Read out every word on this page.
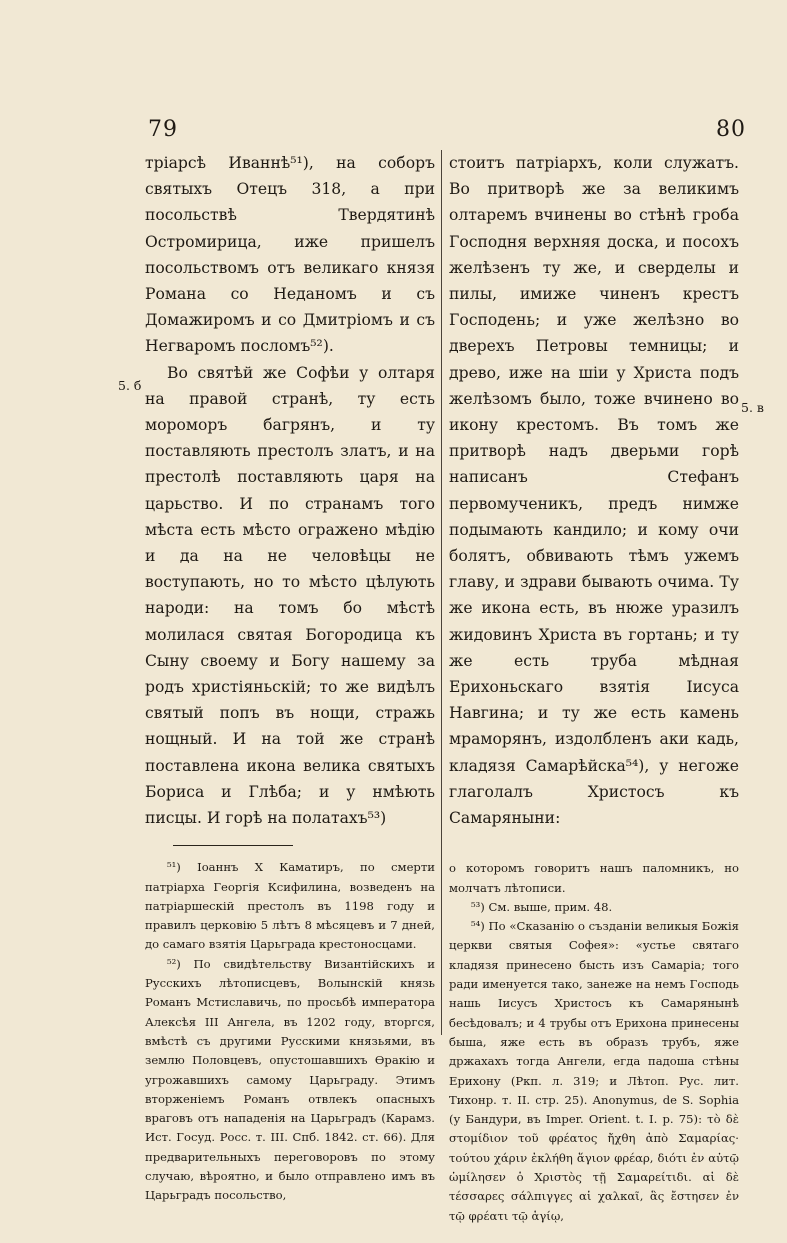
79	80
5. б
5. в

тріарсѣ Иваннѣ⁵¹), на соборъ святыхъ Отецъ 318, а при посольствѣ Твердятинѣ Остромирица, иже пришелъ посольствомъ отъ великаго князя Романа со Неданомъ и съ Домажиромъ и со Дмитріомъ и съ Негваромъ посломъ⁵²).

Во святѣй же Софѣи у олтаря на правой странѣ, ту есть мороморъ багрянъ, и ту поставляють престолъ златъ, и на престолѣ поставляють царя на царьство. И по странамъ того мѣста есть мѣсто ограженo мѣдію и да на не человѣцы не воступають, но то мѣсто цѣлують народи: на томъ бо мѣстѣ молилася святая Богородица къ Сыну своему и Богу нашему за родъ христіяньскій; то же видѣлъ святый попъ въ нощи, стражь нощный. И на той же странѣ поставлена икона велика святыхъ Бориса и Глѣба; и у нмѣють писцы. И горѣ на полатахъ⁵³)

⁵¹) Іоаннъ X Каматиръ, по смерти патріарха Георгія Ксифилина, возведенъ на патріаршескій престолъ въ 1198 году и правилъ церковію 5 лѣтъ 8 мѣсяцевъ и 7 дней, до самаго взятія Царьграда крестоносцами.

⁵²) По свидѣтельству Византійскихъ и Русскихъ лѣтописцевъ, Волынскій князь Романъ Мстиславичь, по просьбѣ императора Алексѣя III Ангела, въ 1202 году, вторгся, вмѣстѣ съ другими Русскими князьями, въ землю Половцевъ, опустошавшихъ Ѳракію и угрожавшихъ самому Царьграду. Этимъ вторженіемъ Романъ отвлекъ опасныхъ враговъ отъ нападенія на Царьградъ (Карамз. Ист. Госуд. Росс. т. III. Спб. 1842. ст. 66). Для предварительныхъ переговоровъ по этому случаю, вѣроятно, и было отправлено имъ въ Царьградъ посольство,

стоитъ патріархъ, коли служатъ. Во притворѣ же за великимъ олтаремъ вчинены во стѣнѣ гроба Господня верхняя доска, и посохъ желѣзенъ ту же, и сверделы и пилы, имиже чиненъ крестъ Господень; и уже желѣзно во дверехъ Петровы темницы; и древо, иже на шіи у Христа подъ желѣзомъ было, тоже вчинено во икону крестомъ. Въ томъ же притворѣ надъ дверьми горѣ написанъ Стефанъ первомученикъ, предъ нимже подымають кандило; и кому очи болятъ, обвивають тѣмъ ужемъ главу, и здрави бывають очима. Ту же икона есть, въ нюже уразилъ жидовинъ Христа въ гортань; и ту же есть труба мѣдная Ерихоньскаго взятія Іисуса Навгина; и ту же есть камень мраморянъ, издолбленъ аки кадь, кладязя Самарѣйска⁵⁴), у негоже глаголалъ Христосъ къ Самаряныни:

о которомъ говоритъ нашъ паломникъ, но молчатъ лѣтописи.

⁵³) См. выше, прим. 48.

⁵⁴) По «Сказанію о създаніи великыя Божія церкви святыя Софея»: «устье святаго кладязя принесено бысть изъ Самаріа; того ради именуется тако, занеже на немъ Господь нашь Іисусъ Христосъ къ Самарянынѣ бесѣдовалъ; и 4 трубы отъ Ерихона принесены быша, яже есть въ образъ трубъ, яже држахахъ тогда Ангели, егда падоша стѣны Ерихону (Ркп. л. 319; и Лѣтоп. Рус. лит. Тихонр. т. II. стр. 25). Anonymus, de S. Sophia (у Бандури, въ Imper. Orient. t. I. p. 75): τὸ δὲ στομίδιον τοῦ φρέατος ἤχθη ἀπὸ Σαμαρίας· τούτου χάριν ἐκλήθη ἅγιον φρέαρ, διότι ἐν αὐτῷ ὡμίλησεν ὁ Χριστὸς τῇ Σαμαρείτιδι. αἱ δὲ τέσσαρες σάλπιγγες αἱ χαλκαῖ, ἃς ἔστησεν ἐν τῷ φρέατι τῷ ἁγίῳ,
